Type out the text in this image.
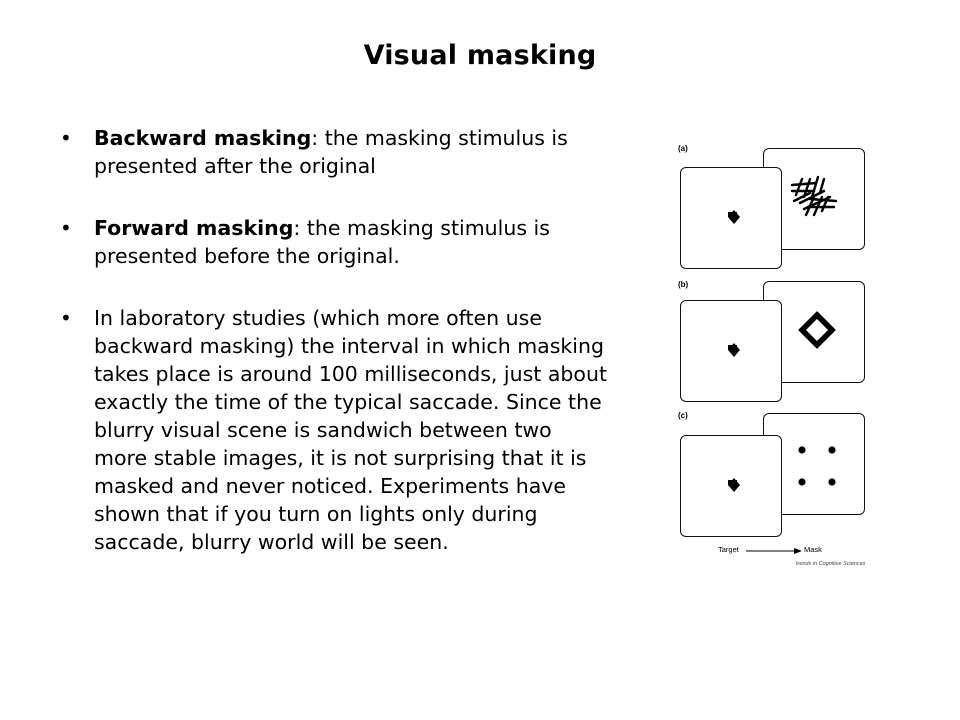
Visual masking
• Backward masking: the masking stimulus is presented after the original
• Forward masking: the masking stimulus is presented before the original.
• In laboratory studies (which more often use backward masking) the interval in which masking takes place is around 100 milliseconds, just about exactly the time of the typical saccade. Since the blurry visual scene is sandwich between two more stable images, it is not surprising that it is masked and never noticed. Experiments have shown that if you turn on lights only during saccade, blurry world will be seen.
(a)
(b)
(c)
Target	Mask
trends in Cognitive Sciences
